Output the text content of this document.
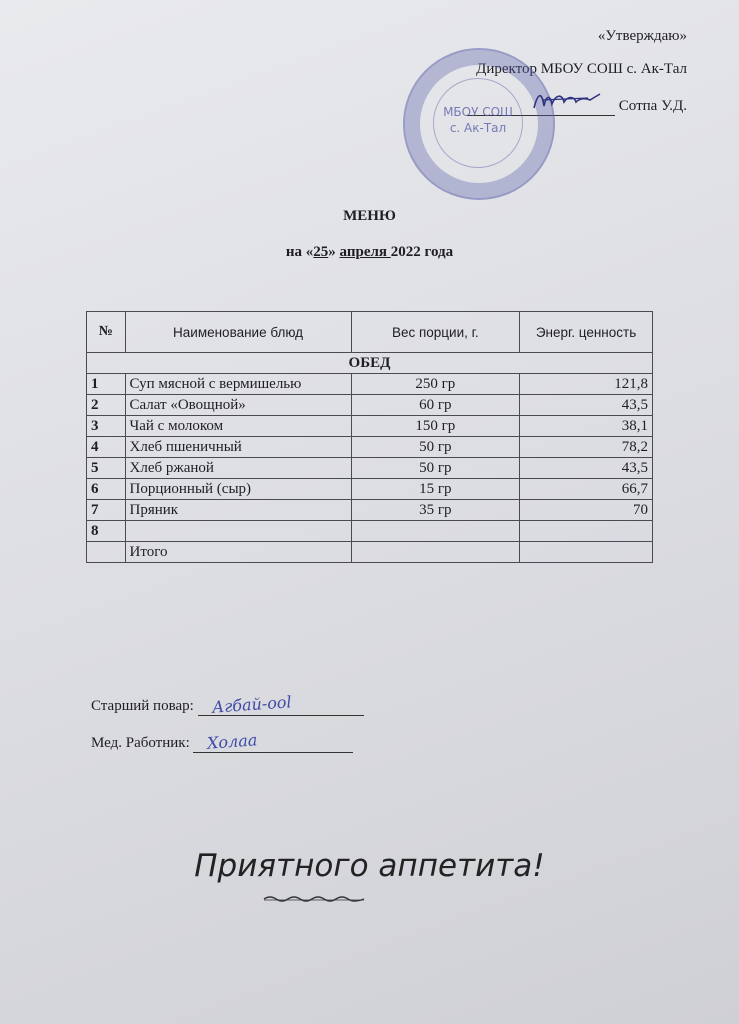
«Утверждаю»
Директор МБОУ СОШ с. Ак-Тал
Сотпа У.Д.
МБОУ СОШ
с. Ак-Тал
МЕНЮ
на «25» апреля 2022 года
№	Наименование блюд	Вес порции, г.	Энерг. ценность
ОБЕД			
1	Суп мясной с вермишелью	250 гр	121,8
2	Салат «Овощной»	60 гр	43,5
3	Чай с молоком	150 гр	38,1
4	Хлеб пшеничный	50 гр	78,2
5	Хлеб ржаной	50 гр	43,5
6	Порционный (сыр)	15 гр	66,7
7	Пряник	35 гр	70
8			
	Итого		
Старший повар: Агбай-ool
Мед. Работник: Холаа
Приятного аппетита!
